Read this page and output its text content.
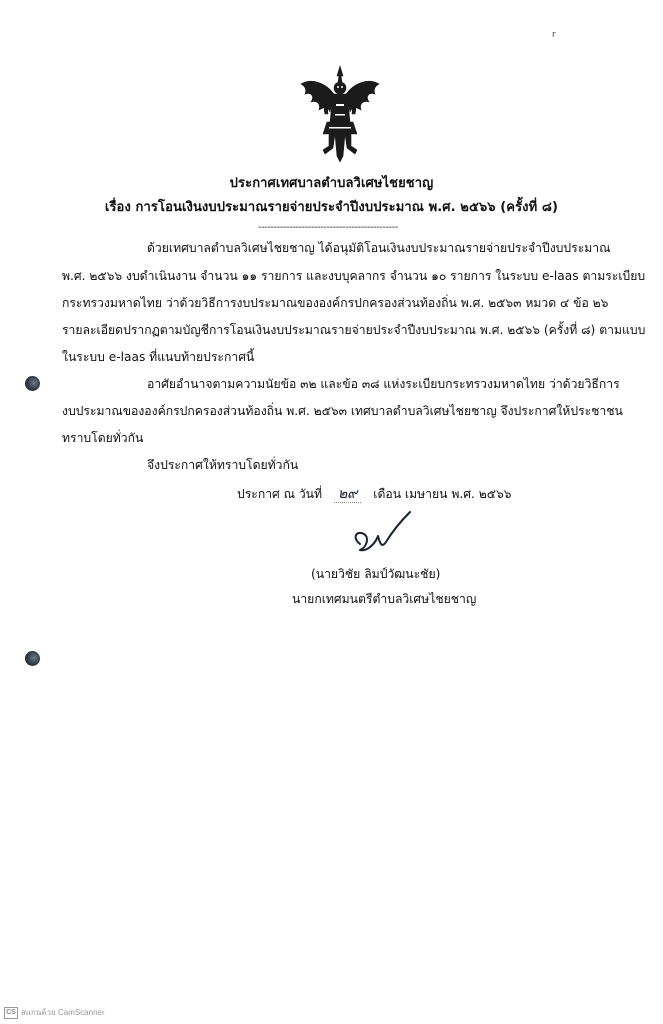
r
ประกาศเทศบาลตำบลวิเศษไชยชาญ
เรื่อง การโอนเงินงบประมาณรายจ่ายประจำปีงบประมาณ พ.ศ. ๒๕๖๖ (ครั้งที่ ๘)
---------------------------------------------
ด้วยเทศบาลตำบลวิเศษไชยชาญ ได้อนุมัติโอนเงินงบประมาณรายจ่ายประจำปีงบประมาณ
พ.ศ. ๒๕๖๖ งบดำเนินงาน จำนวน ๑๑ รายการ และงบบุคลากร จำนวน ๑๐ รายการ ในระบบ e-laas ตามระเบียบ
กระทรวงมหาดไทย ว่าด้วยวิธีการงบประมาณขององค์กรปกครองส่วนท้องถิ่น พ.ศ. ๒๕๖๓ หมวด ๔ ข้อ ๒๖
รายละเอียดปรากฏตามบัญชีการโอนเงินงบประมาณรายจ่ายประจำปีงบประมาณ พ.ศ. ๒๕๖๖ (ครั้งที่ ๘) ตามแบบ
ในระบบ e-laas ที่แนบท้ายประกาศนี้
อาศัยอำนาจตามความนัยข้อ ๓๒ และข้อ ๓๘ แห่งระเบียบกระทรวงมหาดไทย ว่าด้วยวิธีการ
งบประมาณขององค์กรปกครองส่วนท้องถิ่น พ.ศ. ๒๕๖๓ เทศบาลตำบลวิเศษไชยชาญ จึงประกาศให้ประชาชน
ทราบโดยทั่วกัน
จึงประกาศให้ทราบโดยทั่วกัน
ประกาศ ณ วันที่ ๒๙ เดือน เมษายน พ.ศ. ๒๕๖๖
(นายวิชัย ลิมป์วัฒนะชัย)
นายกเทศมนตรีตำบลวิเศษไชยชาญ
CS สแกนด้วย CamScanner
